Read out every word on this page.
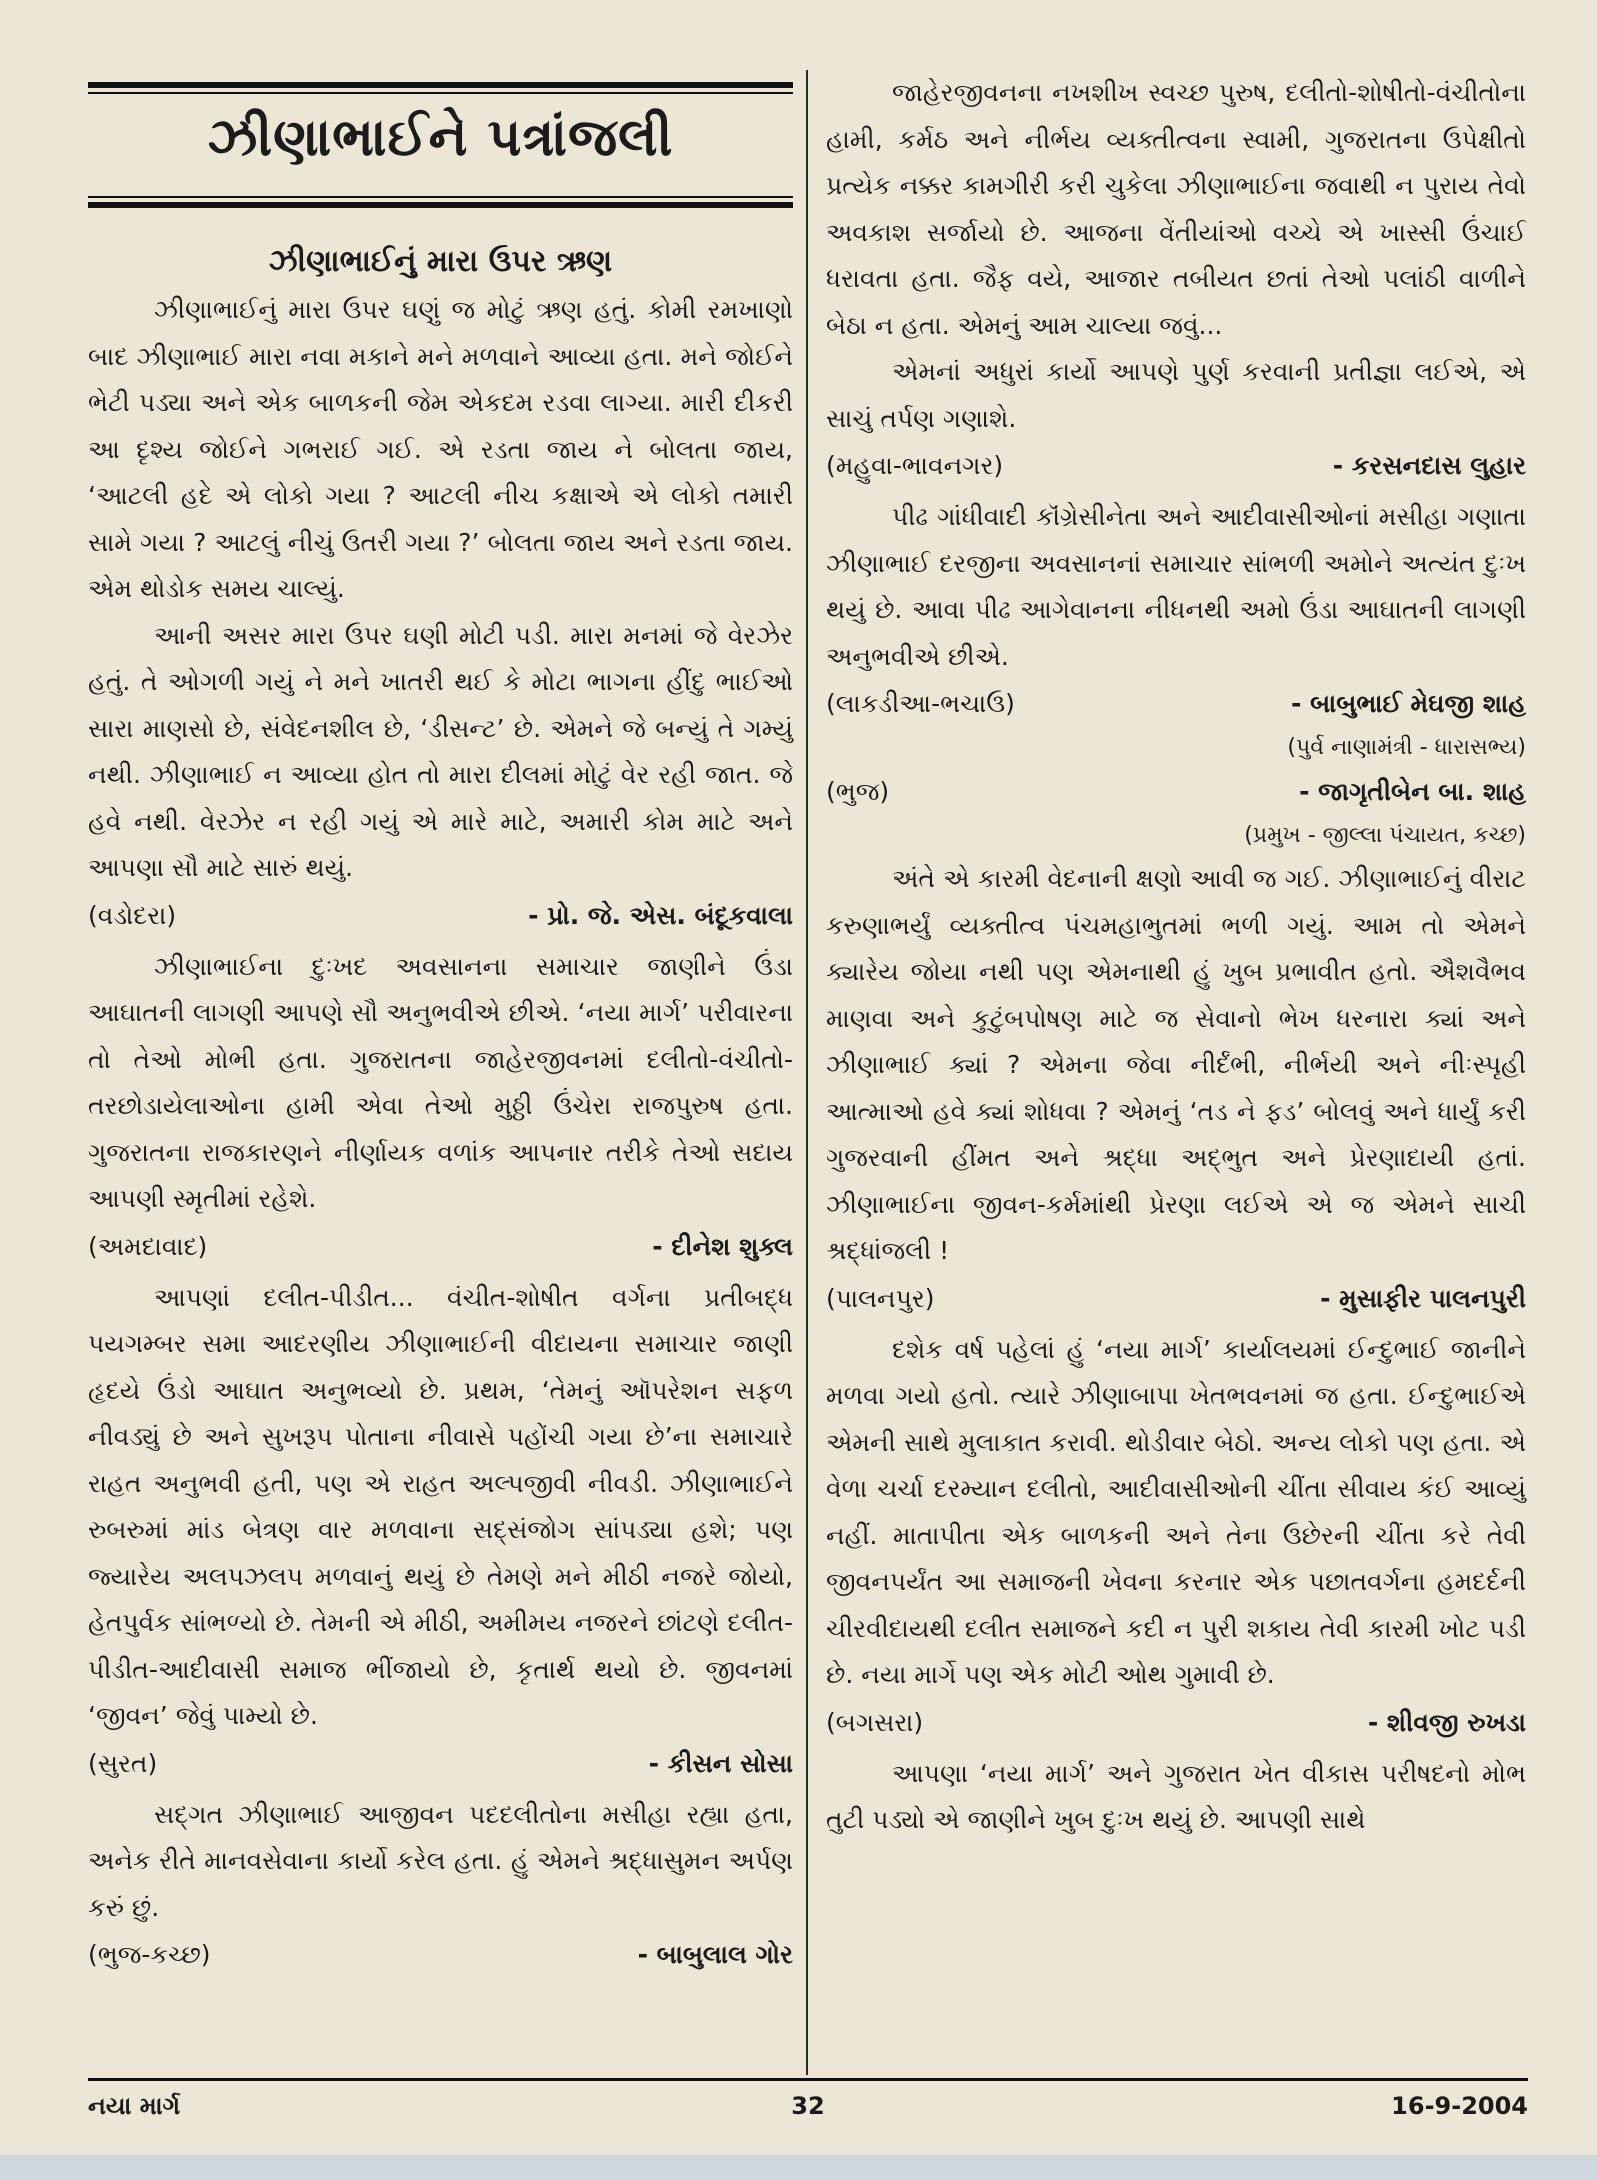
ઝીણાભાઈને પત્રાંજલી
ઝીણાભાઈનું મારા ઉપર ઋણ

ઝીણાભાઈનું મારા ઉપર ઘણું જ મોટું ઋણ હતું. કોમી રમખાણો બાદ ઝીણાભાઈ મારા નવા મકાને મને મળવાને આવ્યા હતા. મને જોઈને ભેટી પડ્યા અને એક બાળકની જેમ એકદમ રડવા લાગ્યા. મારી દીકરી આ દૃશ્ય જોઈને ગભરાઈ ગઈ. એ રડતા જાય ને બોલતા જાય, ‘આટલી હદે એ લોકો ગયા ? આટલી નીચ કક્ષાએ એ લોકો તમારી સામે ગયા ? આટલું નીચું ઉતરી ગયા ?’ બોલતા જાય અને રડતા જાય. એમ થોડોક સમય ચાલ્યું.

આની અસર મારા ઉપર ઘણી મોટી પડી. મારા મનમાં જે વેરઝેર હતું. તે ઓગળી ગયું ને મને ખાતરી થઈ કે મોટા ભાગના હીંદુ ભાઈઓ સારા માણસો છે, સંવેદનશીલ છે, ‘ડીસન્ટ’ છે. એમને જે બન્યું તે ગમ્યું નથી. ઝીણાભાઈ ન આવ્યા હોત તો મારા દીલમાં મોટું વેર રહી જાત. જે હવે નથી. વેરઝેર ન રહી ગયું એ મારે માટે, અમારી કોમ માટે અને આપણા સૌ માટે સારું થયું.

(વડોદરા)	- પ્રો. જે. એસ. બંદૂકવાલા

ઝીણાભાઈના દુઃખદ અવસાનના સમાચાર જાણીને ઉંડા આઘાતની લાગણી આપણે સૌ અનુભવીએ છીએ. ‘નયા માર્ગ’ પરીવારના તો તેઓ મોભી હતા. ગુજરાતના જાહેરજીવનમાં દલીતો-વંચીતો-તરછોડાયેલાઓના હામી એવા તેઓ મુઠ્ઠી ઉંચેરા રાજપુરુષ હતા. ગુજરાતના રાજકારણને નીર્ણાયક વળાંક આપનાર તરીકે તેઓ સદાય આપણી સ્મૃતીમાં રહેશે.

(અમદાવાદ)	- દીનેશ શુક્લ

આપણાં દલીત-પીડીત... વંચીત-શોષીત વર્ગના પ્રતીબદ્ધ પયગમ્બર સમા આદરણીય ઝીણાભાઈની વીદાયના સમાચાર જાણી હૃદયે ઉંડો આઘાત અનુભવ્યો છે. પ્રથમ, ‘તેમનું ઑપરેશન સફળ નીવડ્યું છે અને સુખરૂપ પોતાના નીવાસે પહોંચી ગયા છે’ના સમાચારે રાહત અનુભવી હતી, પણ એ રાહત અલ્પજીવી નીવડી. ઝીણાભાઈને રુબરુમાં માંડ બેત્રણ વાર મળવાના સદ્સંજોગ સાંપડ્યા હશે; પણ જ્યારેય અલપઝલપ મળવાનું થયું છે તેમણે મને મીઠી નજરે જોયો, હેતપુર્વક સાંભળ્યો છે. તેમની એ મીઠી, અમીમય નજરને છાંટણે દલીત-પીડીત-આદીવાસી સમાજ ભીંજાયો છે, કૃતાર્થ થયો છે. જીવનમાં ‘જીવન’ જેવું પામ્યો છે.

(સુરત)	- કીસન સોસા

સદ્ગત ઝીણાભાઈ આજીવન પદદલીતોના મસીહા રહ્યા હતા, અનેક રીતે માનવસેવાના કાર્યો કરેલ હતા. હું એમને શ્રદ્ધાસુમન અર્પણ કરું છું.

(ભુજ-કચ્છ)	- બાબુલાલ ગોર

જાહેરજીવનના નખશીખ સ્વચ્છ પુરુષ, દલીતો-શોષીતો-વંચીતોના હામી, કર્મઠ અને નીર્ભય વ્યક્તીત્વના સ્વામી, ગુજરાતના ઉપેક્ષીતો પ્રત્યેક નક્કર કામગીરી કરી ચુકેલા ઝીણાભાઈના જવાથી ન પુરાય તેવો અવકાશ સર્જાયો છે. આજના વેંતીયાંઓ વચ્ચે એ ખાસ્સી ઉંચાઈ ધરાવતા હતા. જૈફ વયે, આજાર તબીયત છતાં તેઓ પલાંઠી વાળીને બેઠા ન હતા. એમનું આમ ચાલ્યા જવું...

એમનાં અધુરાં કાર્યો આપણે પુર્ણ કરવાની પ્રતીજ્ઞા લઈએ, એ સાચું તર્પણ ગણાશે.

(મહુવા-ભાવનગર)	- કરસનદાસ લુહાર

પીઢ ગાંધીવાદી કૉંગ્રેસીનેતા અને આદીવાસીઓનાં મસીહા ગણાતા ઝીણાભાઈ દરજીના અવસાનનાં સમાચાર સાંભળી અમોને અત્યંત દુઃખ થયું છે. આવા પીઢ આગેવાનના નીધનથી અમો ઉંડા આઘાતની લાગણી અનુભવીએ છીએ.

(લાકડીઆ-ભચાઉ)	- બાબુભાઈ મેઘજી શાહ
(પુર્વ નાણામંત્રી - ધારાસભ્ય)
(ભુજ)	- જાગૃતીબેન બા. શાહ
(પ્રમુખ - જીલ્લા પંચાયત, કચ્છ)

અંતે એ કારમી વેદનાની ક્ષણો આવી જ ગઈ. ઝીણાભાઈનું વીરાટ કરુણાભર્યું વ્યક્તીત્વ પંચમહાભુતમાં ભળી ગયું. આમ તો એમને ક્યારેય જોયા નથી પણ એમનાથી હું ખુબ પ્રભાવીત હતો. ઐશવૈભવ માણવા અને કુટુંબપોષણ માટે જ સેવાનો ભેખ ધરનારા ક્યાં અને ઝીણાભાઈ ક્યાં ? એમના જેવા નીર્દંભી, નીર્ભયી અને નીઃસ્પૃહી આત્માઓ હવે ક્યાં શોધવા ? એમનું ‘તડ ને ફડ’ બોલવું અને ધાર્યું કરી ગુજરવાની હીંમત અને શ્રદ્ધા અદ્ભુત અને પ્રેરણાદાયી હતાં. ઝીણાભાઈના જીવન-કર્મમાંથી પ્રેરણા લઈએ એ જ એમને સાચી શ્રદ્ધાંજલી !

(પાલનપુર)	- મુસાફીર પાલનપુરી

દશેક વર્ષ પહેલાં હું ‘નયા માર્ગ’ કાર્યાલયમાં ઈન્દુભાઈ જાનીને મળવા ગયો હતો. ત્યારે ઝીણાબાપા ખેતભવનમાં જ હતા. ઈન્દુભાઈએ એમની સાથે મુલાકાત કરાવી. થોડીવાર બેઠો. અન્ય લોકો પણ હતા. એ વેળા ચર્ચા દરમ્યાન દલીતો, આદીવાસીઓની ચીંતા સીવાય કંઈ આવ્યું નહીં. માતાપીતા એક બાળકની અને તેના ઉછેરની ચીંતા કરે તેવી જીવનપર્યંત આ સમાજની ખેવના કરનાર એક પછાતવર્ગના હમદર્દની ચીરવીદાયથી દલીત સમાજને કદી ન પુરી શકાય તેવી કારમી ખોટ પડી છે. નયા માર્ગે પણ એક મોટી ઓથ ગુમાવી છે.

(બગસરા)	- શીવજી રુખડા

આપણા ‘નયા માર્ગ’ અને ગુજરાત ખેત વીકાસ પરીષદનો મોભ તુટી પડ્યો એ જાણીને ખુબ દુઃખ થયું છે. આપણી સાથે

નયા માર્ગ	32	16-9-2004
